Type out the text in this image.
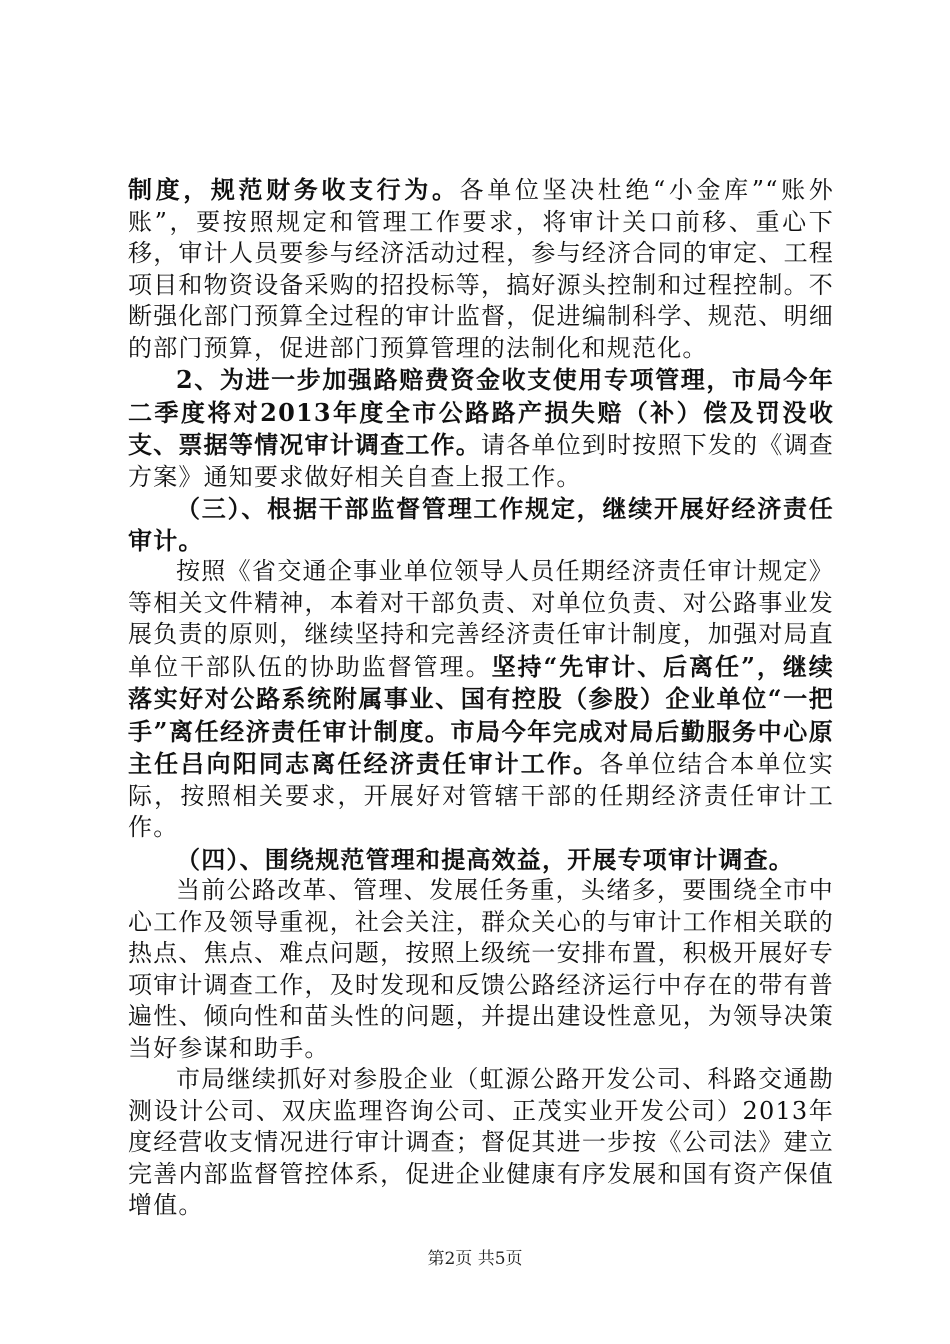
制度，规范财务收支行为。各单位坚决杜绝“小金库”“账外账”，要按照规定和管理工作要求，将审计关口前移、重心下移，审计人员要参与经济活动过程，参与经济合同的审定、工程项目和物资设备采购的招投标等，搞好源头控制和过程控制。不断强化部门预算全过程的审计监督，促进编制科学、规范、明细的部门预算，促进部门预算管理的法制化和规范化。

2、为进一步加强路赔费资金收支使用专项管理，市局今年二季度将对2013年度全市公路路产损失赔（补）偿及罚没收支、票据等情况审计调查工作。请各单位到时按照下发的《调查方案》通知要求做好相关自查上报工作。

（三）、根据干部监督管理工作规定，继续开展好经济责任审计。

按照《省交通企事业单位领导人员任期经济责任审计规定》等相关文件精神，本着对干部负责、对单位负责、对公路事业发展负责的原则，继续坚持和完善经济责任审计制度，加强对局直单位干部队伍的协助监督管理。坚持“先审计、后离任”，继续落实好对公路系统附属事业、国有控股（参股）企业单位“一把手”离任经济责任审计制度。市局今年完成对局后勤服务中心原主任吕向阳同志离任经济责任审计工作。各单位结合本单位实际，按照相关要求，开展好对管辖干部的任期经济责任审计工作。

（四）、围绕规范管理和提高效益，开展专项审计调查。

当前公路改革、管理、发展任务重，头绪多，要围绕全市中心工作及领导重视，社会关注，群众关心的与审计工作相关联的热点、焦点、难点问题，按照上级统一安排布置，积极开展好专项审计调查工作，及时发现和反馈公路经济运行中存在的带有普遍性、倾向性和苗头性的问题，并提出建设性意见，为领导决策当好参谋和助手。

市局继续抓好对参股企业（虹源公路开发公司、科路交通勘测设计公司、双庆监理咨询公司、正茂实业开发公司）2013年度经营收支情况进行审计调查；督促其进一步按《公司法》建立完善内部监督管控体系，促进企业健康有序发展和国有资产保值增值。

第2页 共5页
